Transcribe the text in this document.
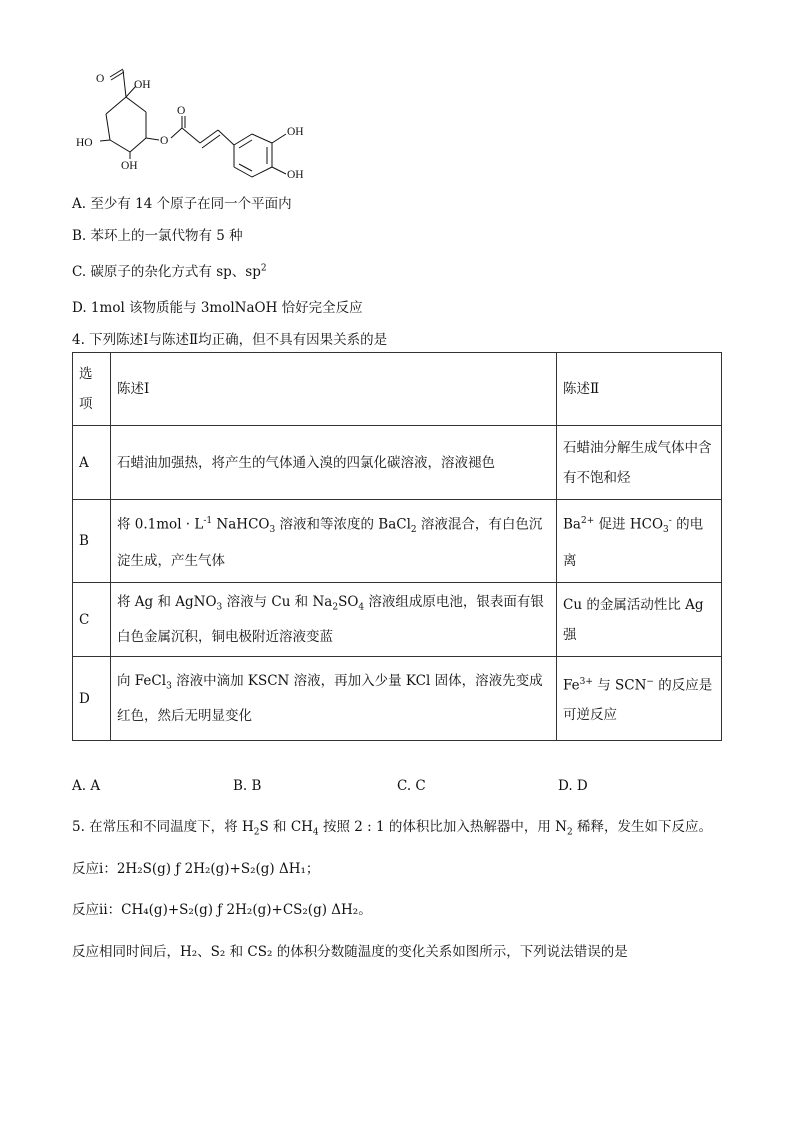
O	OH
O
O
HO
OH
OH
OH
A. 至少有 14 个原子在同一个平面内
B. 苯环上的一氯代物有 5 种
C. 碳原子的杂化方式有 sp、$sp^2$
D. 1mol 该物质能与 3molNaOH 恰好完全反应
4. 下列陈述Ⅰ与陈述Ⅱ均正确，但不具有因果关系的是
选
项	陈述Ⅰ	陈述Ⅱ
A	石蜡油加强热，将产生的气体通入溴的四氯化碳溶液，溶液褪色	石蜡油分解生成气体中含有不饱和烃
B	将 $0.1mol \cdot L^{-1}$ NaHCO$_3$ 溶液和等浓度的 BaCl$_2$ 溶液混合，有白色沉淀生成，产生气体	$Ba^{2+}$ 促进 $HCO_3^-$ 的电离
C	将 Ag 和 AgNO$_3$ 溶液与 Cu 和 $Na_2SO_4$ 溶液组成原电池，银表面有银白色金属沉积，铜电极附近溶液变蓝	Cu 的金属活动性比 Ag 强
D	向 FeCl$_3$ 溶液中滴加 KSCN 溶液，再加入少量 KCl 固体，溶液先变成红色，然后无明显变化	$Fe^{3+}$ 与 SCN− 的反应是可逆反应
A. A	B. B	C. C	D. D
5. 在常压和不同温度下，将 $H_2S$ 和 $CH_4$ 按照 2 : 1 的体积比加入热解器中，用 $N_2$ 稀释，发生如下反应。
反应ⅰ：2H₂S(g) ƒ 2H₂(g)+S₂(g) ΔH₁；
反应ⅱ：CH₄(g)+S₂(g) ƒ 2H₂(g)+CS₂(g) ΔH₂。
反应相同时间后，H₂、S₂ 和 CS₂ 的体积分数随温度的变化关系如图所示，下列说法错误的是
